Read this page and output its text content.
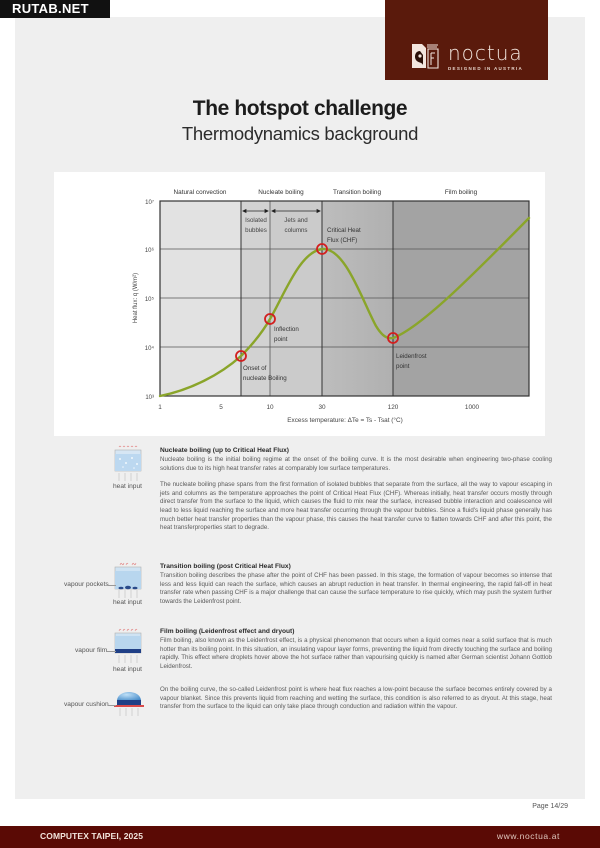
RUTAB.NET
noctua
DESIGNED IN AUSTRIA
The hotspot challenge
Thermodynamics background
Natural convection	Nucleate boiling	Transition boiling	Film boiling
Isolated
bubbles
Jets and
columns
Onset of
nucleate Boiling
Inflection
point
Critical Heat
Flux (CHF)
Leidenfrost
point
10⁷
10⁶
10⁵
10⁴
10³
Heat flux: q (W/m²)
1	5	10	30	120	1000
Excess temperature: ΔTe = Ts - Tsat (°C)
heat input
Nucleate boiling (up to Critical Heat Flux)

Nucleate boiling is the initial boiling regime at the onset of the boiling curve. It is the most desirable when engineering two-phase cooling solutions due to its high heat transfer rates at comparably low surface temperatures.

The nucleate boiling phase spans from the first formation of isolated bubbles that separate from the surface, all the way to vapour escaping in jets and columns as the temperature approaches the point of Critical Heat Flux (CHF). Whereas initially, heat transfer occurs mostly through direct transfer from the surface to the liquid, which causes the fluid to mix near the surface, increased bubble interaction and coalescence will lead to less liquid reaching the surface and more heat transfer occurring through the vapour bubbles. Since a fluid's liquid phase generally has much better heat transfer properties than the vapour phase, this causes the heat transfer curve to flatten towards CHF and after this point, the heat transferproperties start to degrade.

vapour pockets
heat input
Transition boiling (post Critical Heat Flux)

Transition boiling describes the phase after the point of CHF has been passed. In this stage, the formation of vapour becomes so intense that less and less liquid can reach the surface, which causes an abrupt reduction in heat transfer. In thermal engineering, the rapid fall-off in heat transfer rate when passing CHF is a major challenge that can cause the surface temperature to rise quickly, which may push the system further towards the Leidenfrost point.

vapour film
heat input
Film boiling (Leidenfrost effect and dryout)

Film boiling, also known as the Leidenfrost effect, is a physical phenomenon that occurs when a liquid comes near a solid surface that is much hotter than its boiling point. In this situation, an insulating vapour layer forms, preventing the liquid from directly touching the surface and boiling rapidly. This effect where droplets hover above the hot surface rather than vapourising quickly is named after German scientist Johann Gottlob Leidenfrost.

vapour cushion

On the boiling curve, the so-called Leidenfrost point is where heat flux reaches a low-point because the surface becomes entirely covered by a vapour blanket. Since this prevents liquid from reaching and wetting the surface, this condition is also referred to as dryout. At this stage, heat transfer from the surface to the liquid can only take place through conduction and radiation within the vapour.

Page 14/29
COMPUTEX TAIPEI, 2025	www.noctua.at
